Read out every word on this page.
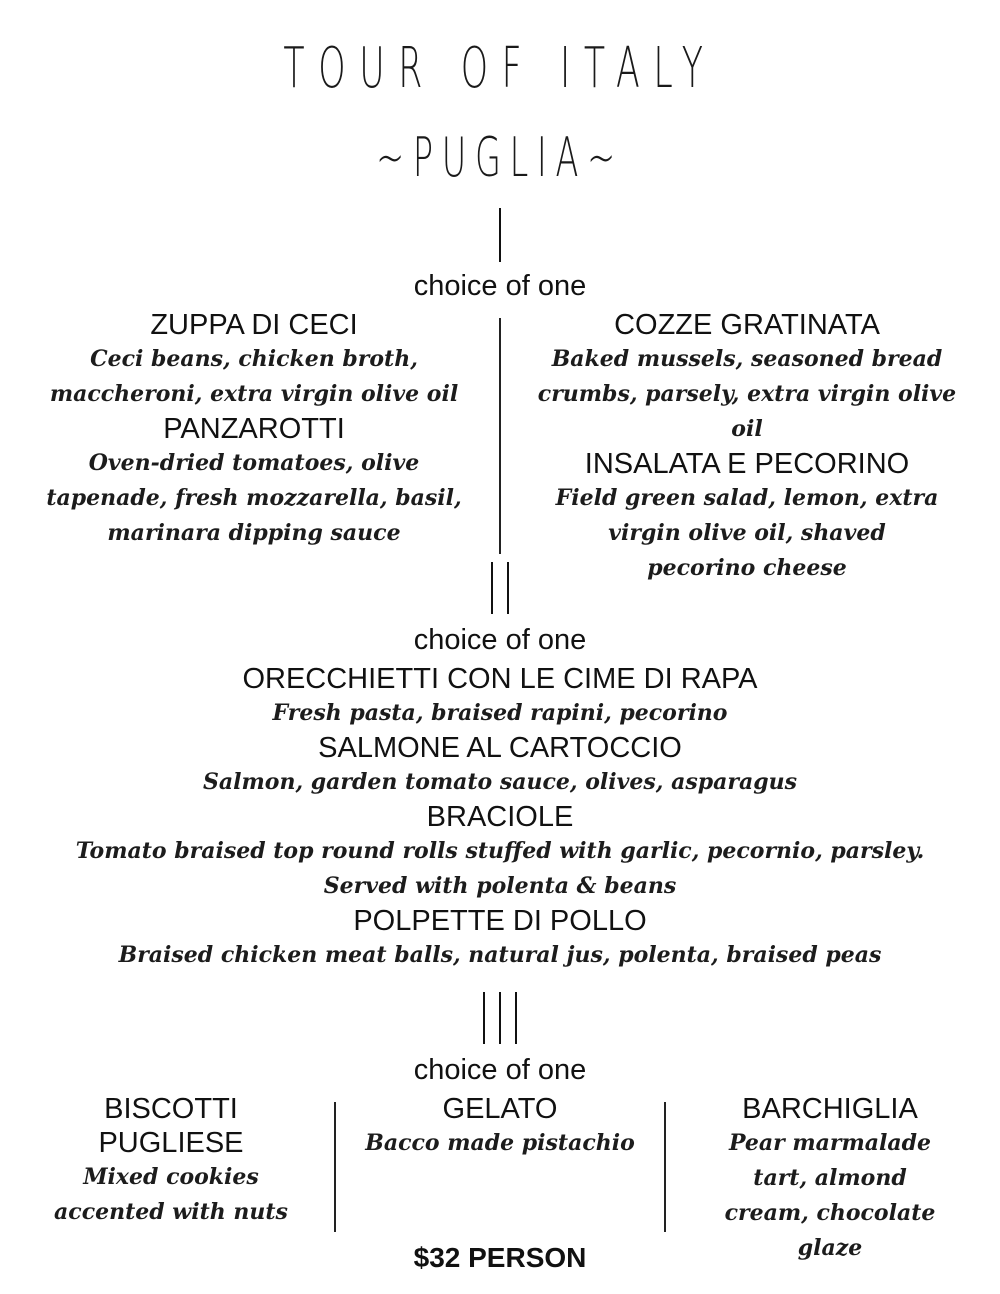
TOUR OF ITALY
~PUGLIA~
choice of one
ZUPPA DI CECI
Ceci beans, chicken broth, maccheroni, extra virgin olive oil
PANZAROTTI
Oven-dried tomatoes, olive tapenade, fresh mozzarella, basil, marinara dipping sauce
COZZE GRATINATA
Baked mussels, seasoned bread crumbs, parsely, extra virgin olive oil
INSALATA E PECORINO
Field green salad, lemon, extra virgin olive oil, shaved pecorino cheese
choice of one
ORECCHIETTI CON LE CIME DI RAPA
Fresh pasta, braised rapini, pecorino
SALMONE AL CARTOCCIO
Salmon, garden tomato sauce, olives, asparagus
BRACIOLE
Tomato braised top round rolls stuffed with garlic, pecornio, parsley. Served with polenta & beans
POLPETTE DI POLLO
Braised chicken meat balls, natural jus, polenta, braised peas
choice of one
BISCOTTI PUGLIESE
Mixed cookies accented with nuts
GELATO
Bacco made pistachio
BARCHIGLIA
Pear marmalade tart, almond cream, chocolate glaze
$32 PERSON
